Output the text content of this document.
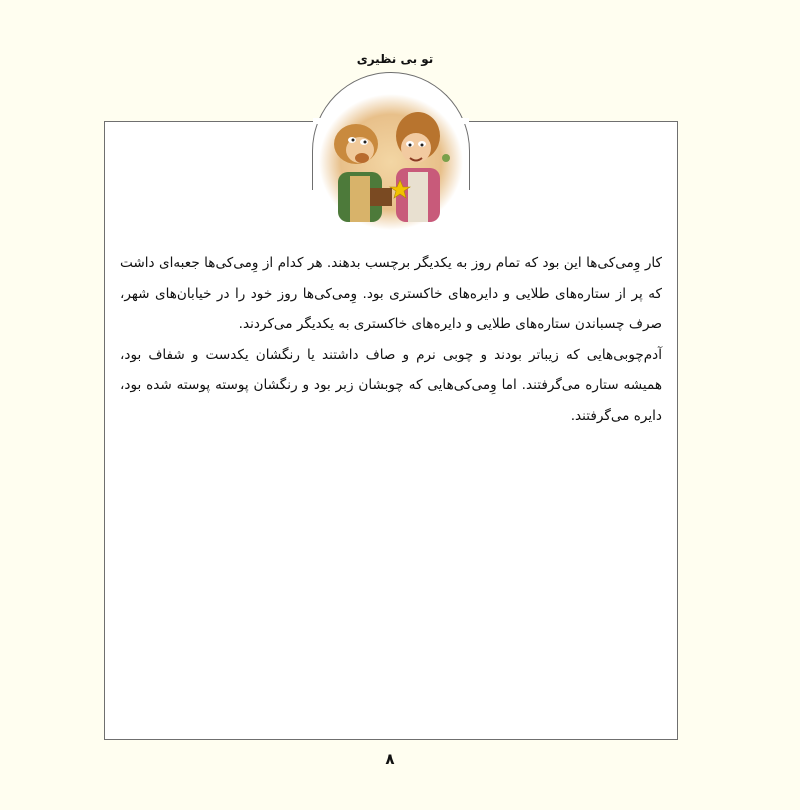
تو بی نظیری

کار وِمی‌کی‌ها این بود که تمام روز به یکدیگر برچسب بدهند. هر کدام از وِمی‌کی‌ها جعبه‌ای داشت که پر از ستاره‌های طلایی و دایره‌های خاکستری بود. وِمی‌کی‌ها روز خود را در خیابان‌های شهر، صرف چسباندن ستاره‌های طلایی و دایره‌های خاکستری به یکدیگر می‌کردند.

آدم‌چوبی‌هایی که زیباتر بودند و چوبی نرم و صاف داشتند یا رنگشان یکدست و شفاف بود، همیشه ستاره می‌گرفتند. اما وِمی‌کی‌هایی که چوبشان زبر بود و رنگشان پوسته پوسته شده بود، دایره می‌گرفتند.

۸
